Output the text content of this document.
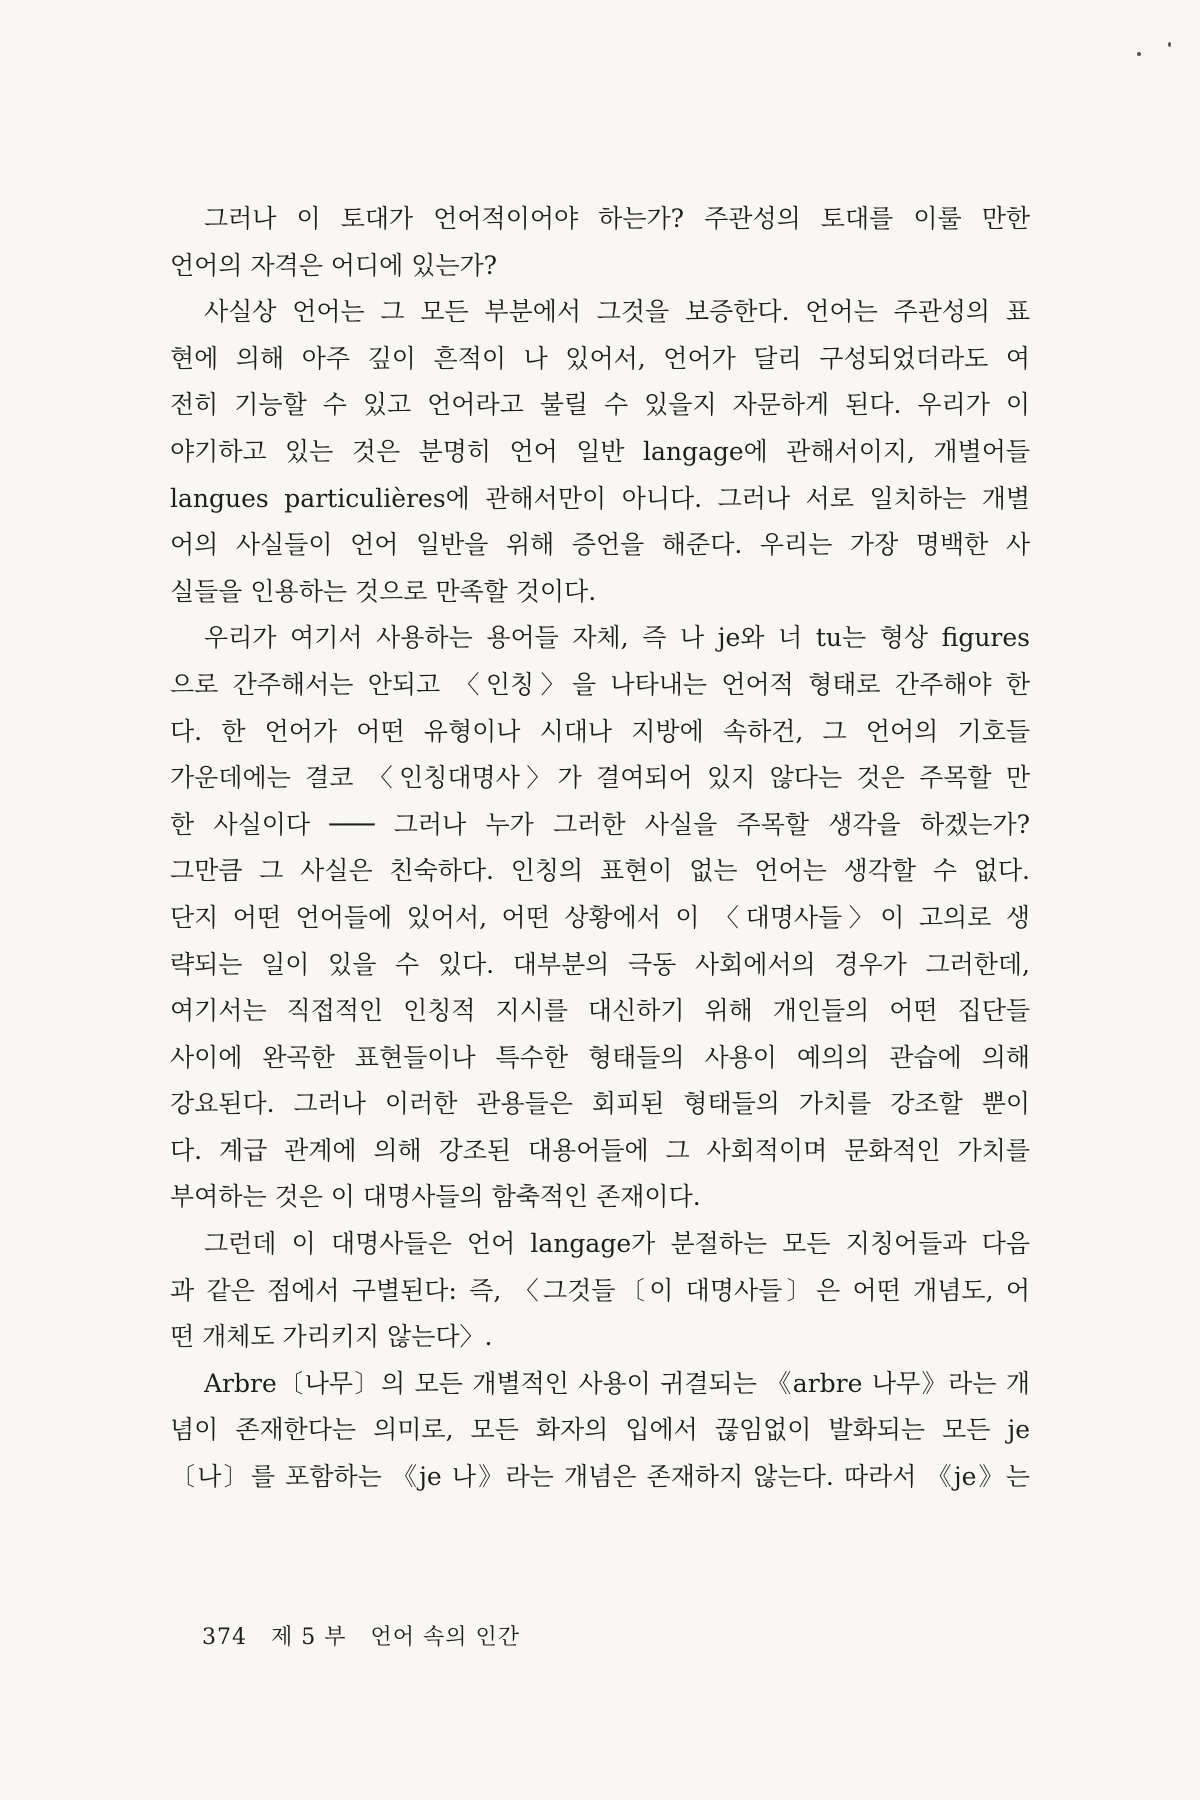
그러나 이 토대가 언어적이어야 하는가? 주관성의 토대를 이룰 만한
언어의 자격은 어디에 있는가?

사실상 언어는 그 모든 부분에서 그것을 보증한다. 언어는 주관성의 표
현에 의해 아주 깊이 흔적이 나 있어서, 언어가 달리 구성되었더라도 여
전히 기능할 수 있고 언어라고 불릴 수 있을지 자문하게 된다. 우리가 이
야기하고 있는 것은 분명히 언어 일반 langage에 관해서이지, 개별어들
langues particulières에 관해서만이 아니다. 그러나 서로 일치하는 개별
어의 사실들이 언어 일반을 위해 증언을 해준다. 우리는 가장 명백한 사
실들을 인용하는 것으로 만족할 것이다.

우리가 여기서 사용하는 용어들 자체, 즉 나 je와 너 tu는 형상 figures
으로 간주해서는 안되고 〈인칭〉을 나타내는 언어적 형태로 간주해야 한
다. 한 언어가 어떤 유형이나 시대나 지방에 속하건, 그 언어의 기호들
가운데에는 결코 〈인칭대명사〉가 결여되어 있지 않다는 것은 주목할 만
한 사실이다 ─── 그러나 누가 그러한 사실을 주목할 생각을 하겠는가?
그만큼 그 사실은 친숙하다. 인칭의 표현이 없는 언어는 생각할 수 없다.
단지 어떤 언어들에 있어서, 어떤 상황에서 이 〈대명사들〉이 고의로 생
략되는 일이 있을 수 있다. 대부분의 극동 사회에서의 경우가 그러한데,
여기서는 직접적인 인칭적 지시를 대신하기 위해 개인들의 어떤 집단들
사이에 완곡한 표현들이나 특수한 형태들의 사용이 예의의 관습에 의해
강요된다. 그러나 이러한 관용들은 회피된 형태들의 가치를 강조할 뿐이
다. 계급 관계에 의해 강조된 대용어들에 그 사회적이며 문화적인 가치를
부여하는 것은 이 대명사들의 함축적인 존재이다.

그런데 이 대명사들은 언어 langage가 분절하는 모든 지칭어들과 다음
과 같은 점에서 구별된다: 즉, 〈그것들〔이 대명사들〕은 어떤 개념도, 어
떤 개체도 가리키지 않는다〉.

Arbre〔나무〕의 모든 개별적인 사용이 귀결되는 《arbre 나무》라는 개
념이 존재한다는 의미로, 모든 화자의 입에서 끊임없이 발화되는 모든 je
〔나〕를 포함하는 《je 나》라는 개념은 존재하지 않는다. 따라서 《je》는

374 제 5 부 언어 속의 인간
